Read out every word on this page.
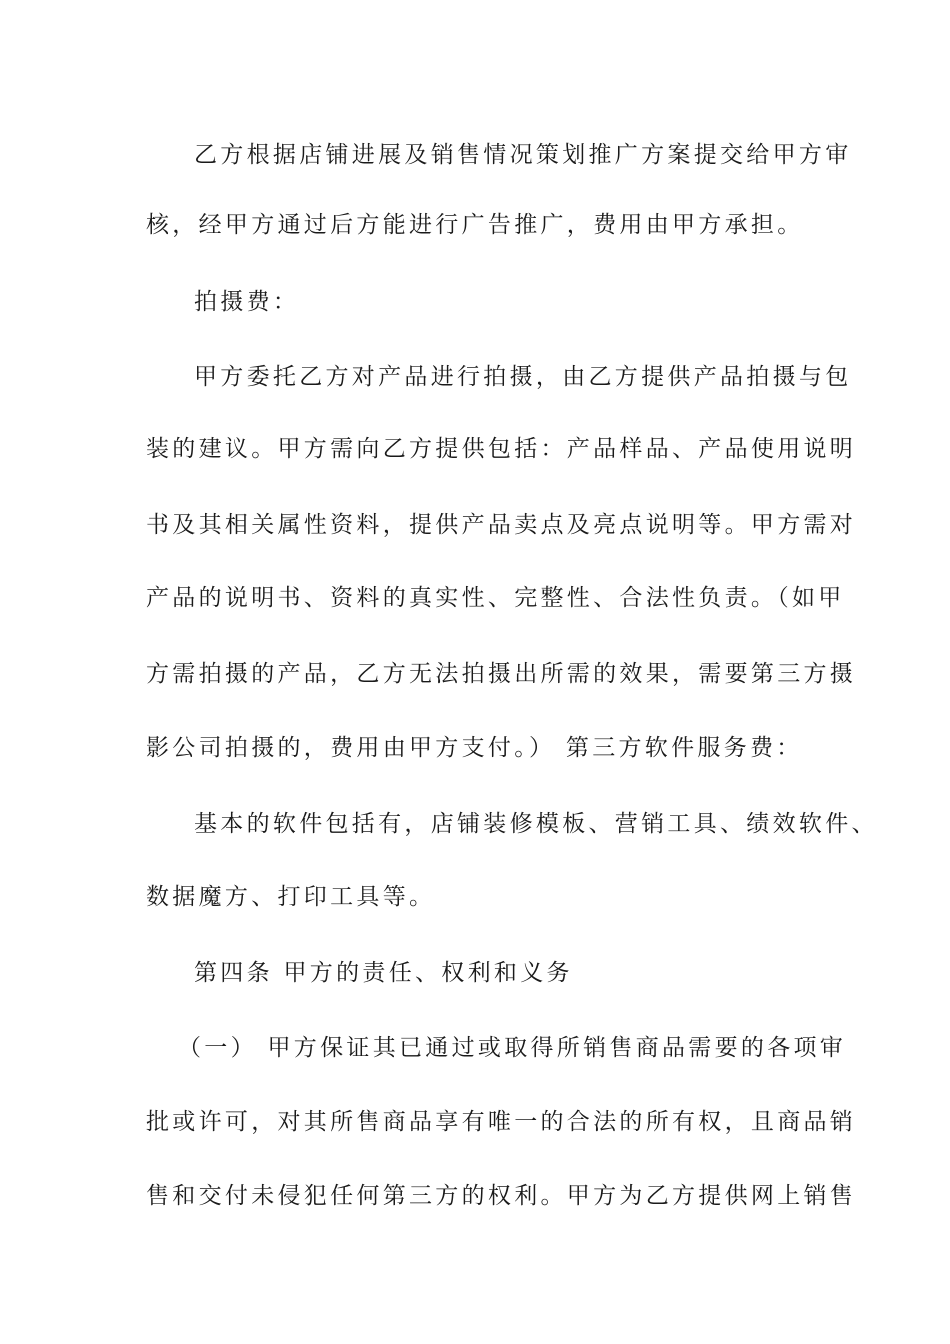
乙方根据店铺进展及销售情况策划推广方案提交给甲方审
核，经甲方通过后方能进行广告推广，费用由甲方承担。
拍摄费：
甲方委托乙方对产品进行拍摄，由乙方提供产品拍摄与包
装的建议。甲方需向乙方提供包括：产品样品、产品使用说明
书及其相关属性资料，提供产品卖点及亮点说明等。甲方需对
产品的说明书、资料的真实性、完整性、合法性负责。（如甲
方需拍摄的产品，乙方无法拍摄出所需的效果，需要第三方摄
影公司拍摄的，费用由甲方支付。） 第三方软件服务费：
基本的软件包括有，店铺装修模板、营销工具、绩效软件、
数据魔方、打印工具等。
第四条 甲方的责任、权利和义务
（一） 甲方保证其已通过或取得所销售商品需要的各项审
批或许可，对其所售商品享有唯一的合法的所有权，且商品销
售和交付未侵犯任何第三方的权利。甲方为乙方提供网上销售
